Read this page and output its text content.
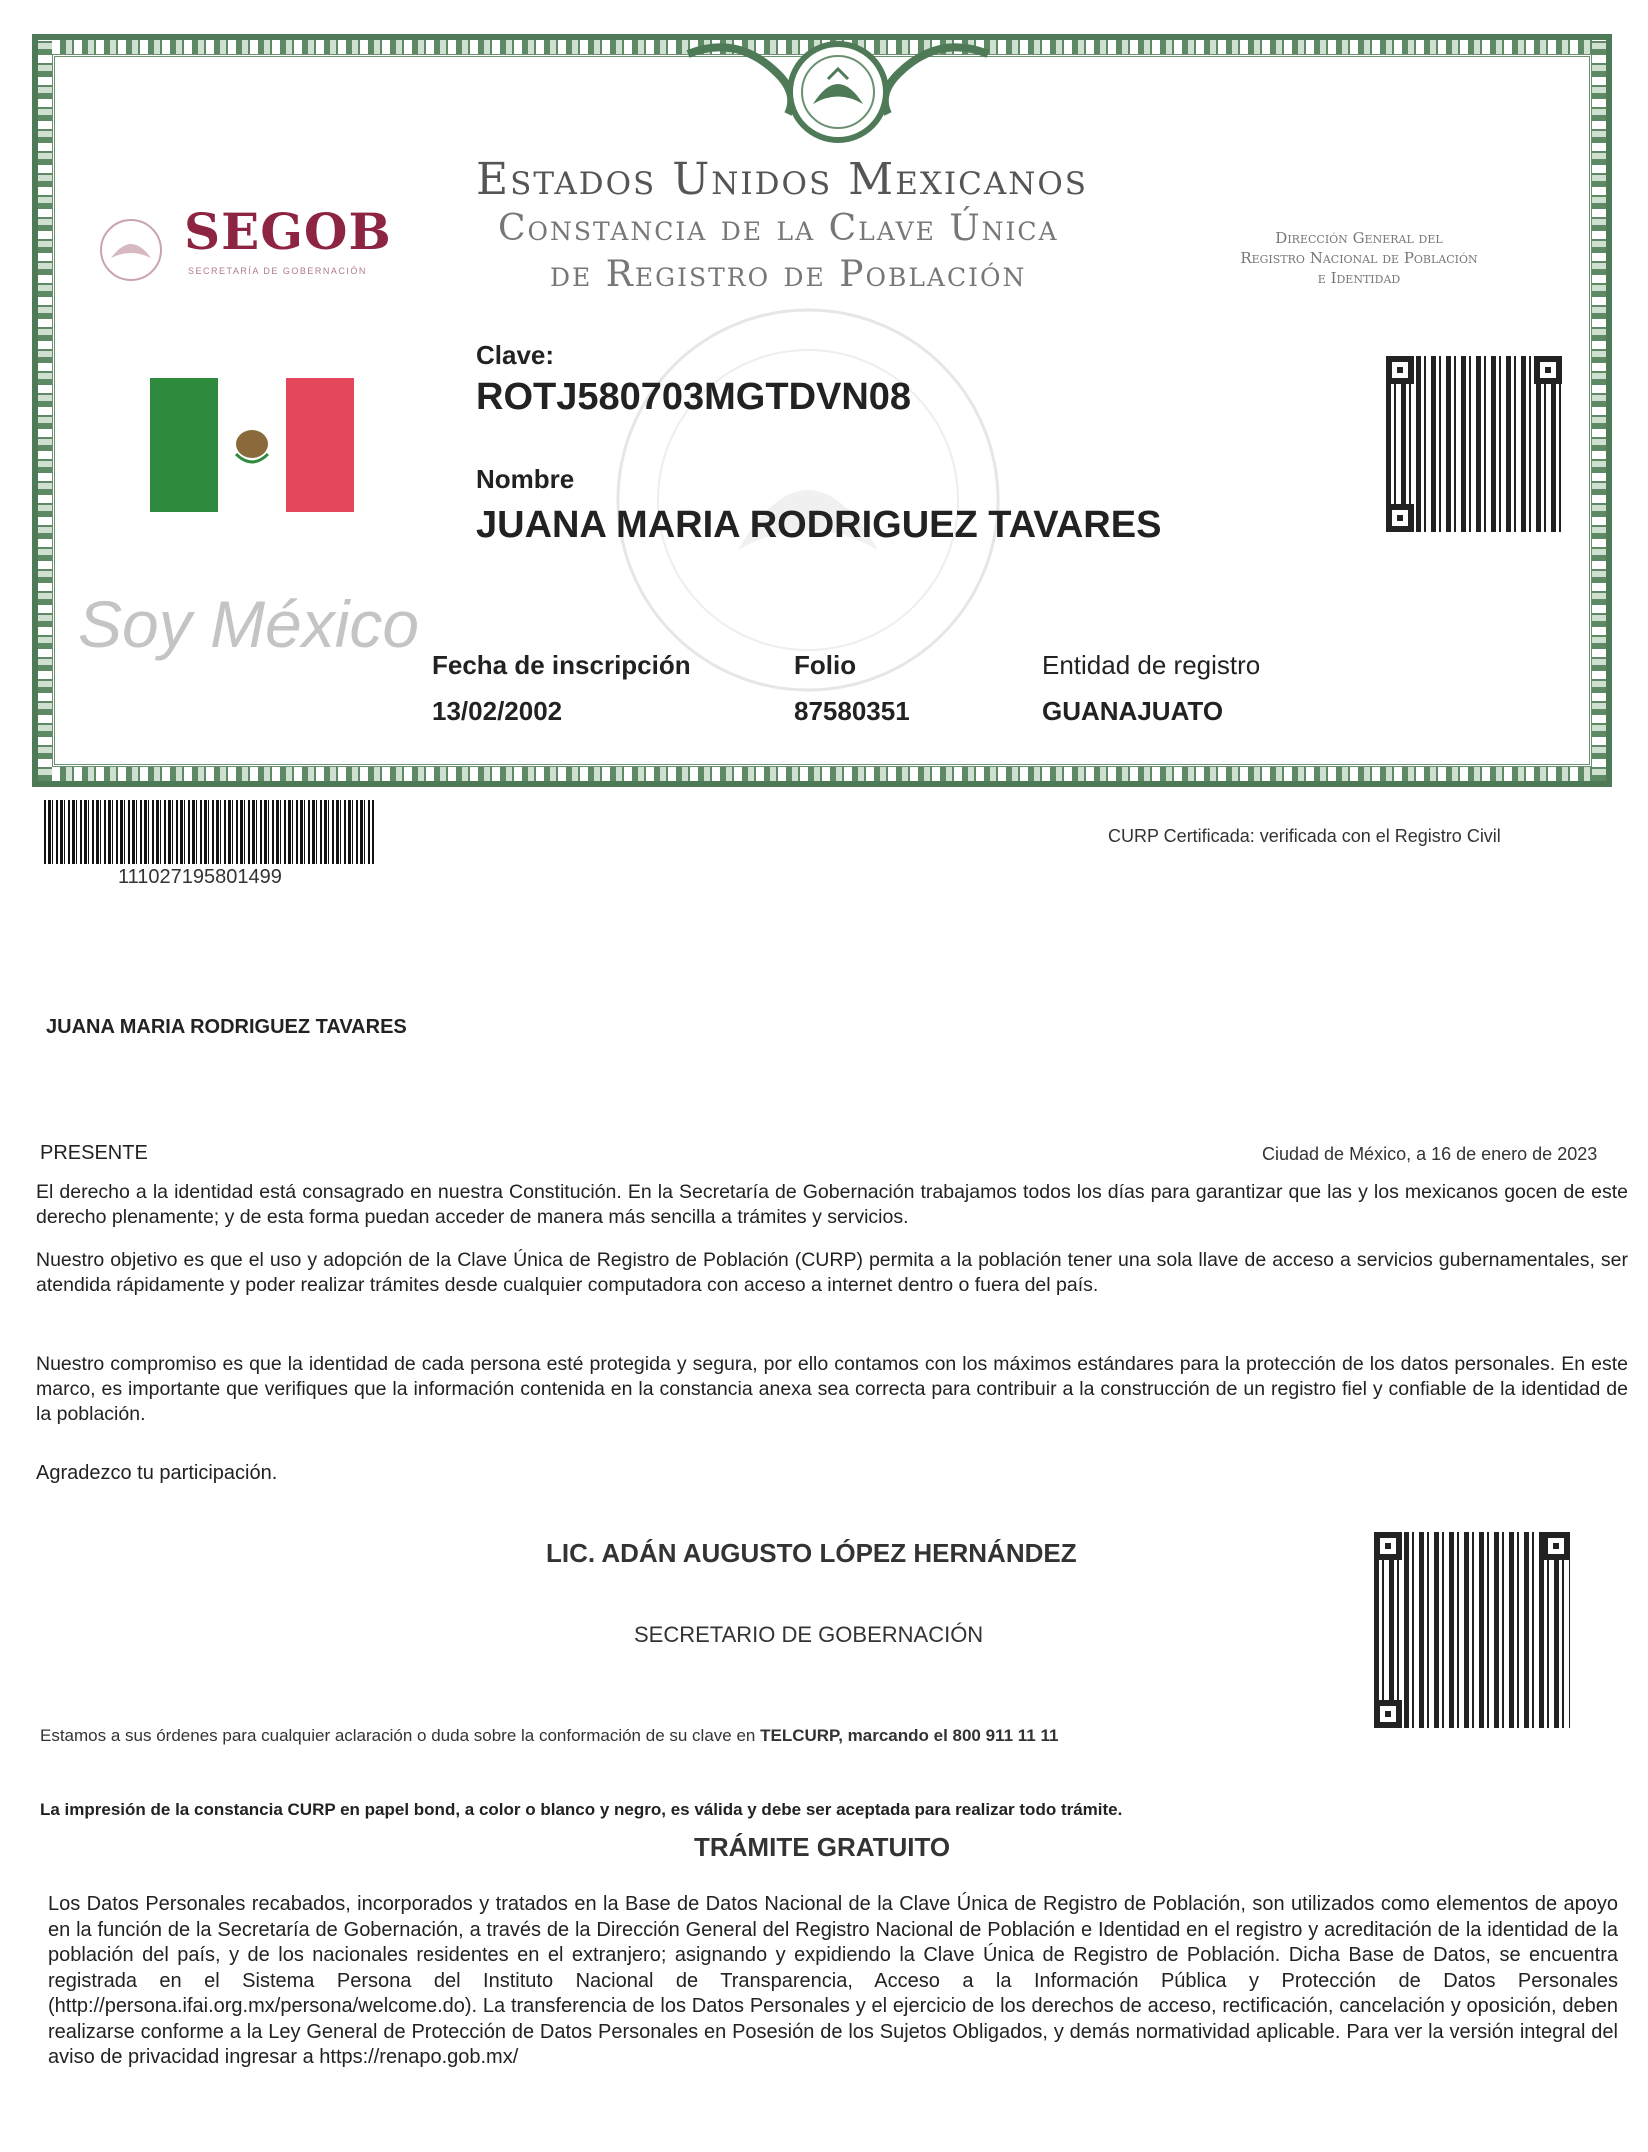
SEGOB
SECRETARÍA DE GOBERNACIÓN
Estados Unidos Mexicanos
Constancia de la Clave Única
de Registro de Población
Dirección General del
Registro Nacional de Población
e Identidad
Clave:
ROTJ580703MGTDVN08
Nombre
JUANA MARIA RODRIGUEZ TAVARES
Soy México
Fecha de inscripción
13/02/2002
Folio
87580351
Entidad de registro
GUANAJUATO
111027195801499
CURP Certificada: verificada con el Registro Civil
JUANA MARIA RODRIGUEZ TAVARES
PRESENTE	Ciudad de México, a 16 de enero de 2023
El derecho a la identidad está consagrado en nuestra Constitución. En la Secretaría de Gobernación trabajamos todos los días para garantizar que las y los mexicanos gocen de este derecho plenamente; y de esta forma puedan acceder de manera más sencilla a trámites y servicios.
Nuestro objetivo es que el uso y adopción de la Clave Única de Registro de Población (CURP) permita a la población tener una sola llave de acceso a servicios gubernamentales, ser atendida rápidamente y poder realizar trámites desde cualquier computadora con acceso a internet dentro o fuera del país.
Nuestro compromiso es que la identidad de cada persona esté protegida y segura, por ello contamos con los máximos estándares para la protección de los datos personales. En este marco, es importante que verifiques que la información contenida en la constancia anexa sea correcta para contribuir a la construcción de un registro fiel y confiable de la identidad de la población.
Agradezco tu participación.
LIC. ADÁN AUGUSTO LÓPEZ HERNÁNDEZ
SECRETARIO DE GOBERNACIÓN
Estamos a sus órdenes para cualquier aclaración o duda sobre la conformación de su clave en TELCURP, marcando el 800 911 11 11
La impresión de la constancia CURP en papel bond, a color o blanco y negro, es válida y debe ser aceptada para realizar todo trámite.
TRÁMITE GRATUITO
Los Datos Personales recabados, incorporados y tratados en la Base de Datos Nacional de la Clave Única de Registro de Población, son utilizados como elementos de apoyo en la función de la Secretaría de Gobernación, a través de la Dirección General del Registro Nacional de Población e Identidad en el registro y acreditación de la identidad de la población del país, y de los nacionales residentes en el extranjero; asignando y expidiendo la Clave Única de Registro de Población. Dicha Base de Datos, se encuentra registrada en el Sistema Persona del Instituto Nacional de Transparencia, Acceso a la Información Pública y Protección de Datos Personales (http://persona.ifai.org.mx/persona/welcome.do). La transferencia de los Datos Personales y el ejercicio de los derechos de acceso, rectificación, cancelación y oposición, deben realizarse conforme a la Ley General de Protección de Datos Personales en Posesión de los Sujetos Obligados, y demás normatividad aplicable. Para ver la versión integral del aviso de privacidad ingresar a https://renapo.gob.mx/
